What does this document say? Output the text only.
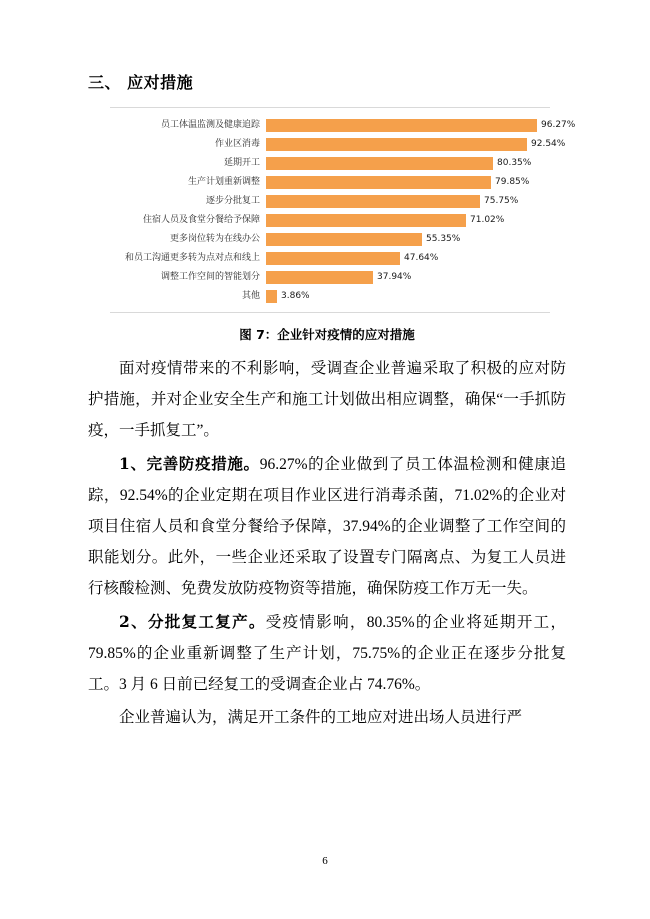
三、 应对措施
员工体温监测及健康追踪	96.27%
作业区消毒	92.54%
延期开工	80.35%
生产计划重新调整	79.85%
逐步分批复工	75.75%
住宿人员及食堂分餐给予保障	71.02%
更多岗位转为在线办公	55.35%
和员工沟通更多转为点对点和线上	47.64%
调整工作空间的智能划分	37.94%
其他	3.86%
图 7：企业针对疫情的应对措施

面对疫情带来的不利影响，受调查企业普遍采取了积极的应对防护措施，并对企业安全生产和施工计划做出相应调整，确保“一手抓防疫，一手抓复工”。

1、完善防疫措施。96.27%的企业做到了员工体温检测和健康追踪，92.54%的企业定期在项目作业区进行消毒杀菌，71.02%的企业对项目住宿人员和食堂分餐给予保障，37.94%的企业调整了工作空间的职能划分。此外，一些企业还采取了设置专门隔离点、为复工人员进行核酸检测、免费发放防疫物资等措施，确保防疫工作万无一失。

2、分批复工复产。受疫情影响，80.35%的企业将延期开工，79.85%的企业重新调整了生产计划，75.75%的企业正在逐步分批复工。3 月 6 日前已经复工的受调查企业占 74.76%。

企业普遍认为，满足开工条件的工地应对进出场人员进行严

6
